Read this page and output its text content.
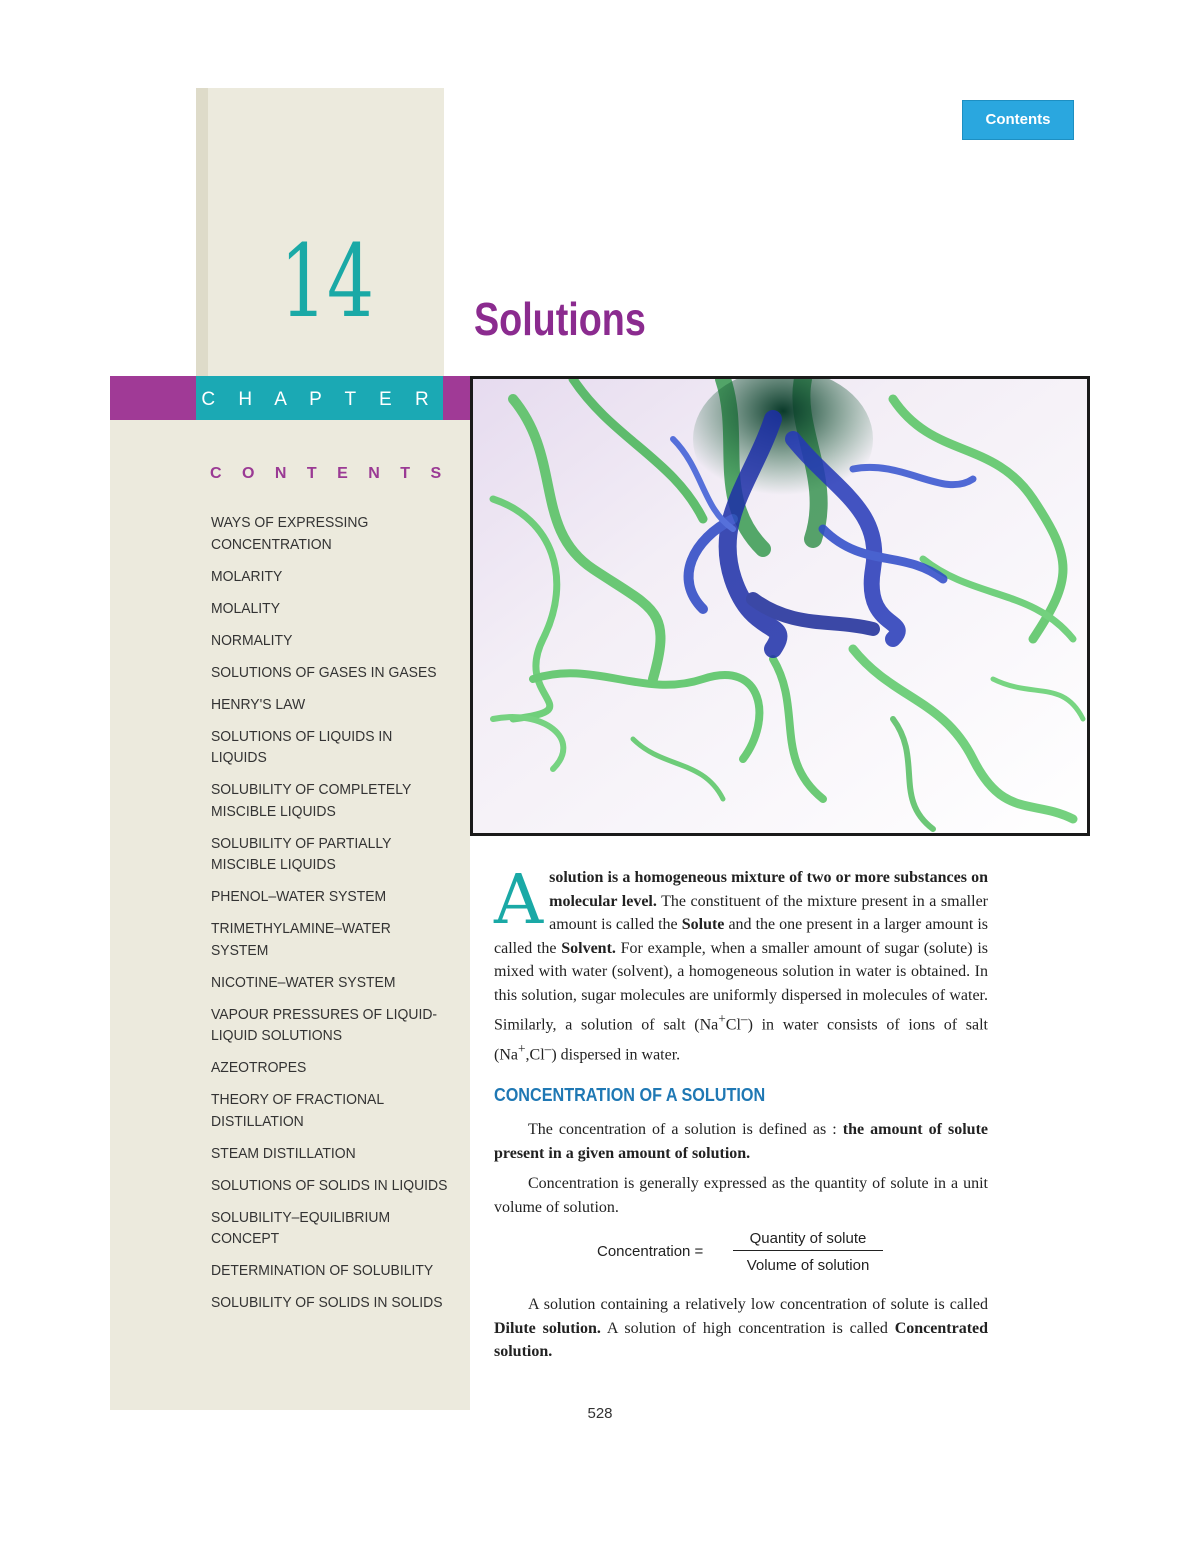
14
C H A P T E R
Solutions
Contents
C O N T E N T S
WAYS OF EXPRESSING CONCENTRATION
MOLARITY
MOLALITY
NORMALITY
SOLUTIONS OF GASES IN GASES
HENRY'S LAW
SOLUTIONS OF LIQUIDS IN LIQUIDS
SOLUBILITY OF COMPLETELY MISCIBLE LIQUIDS
SOLUBILITY OF PARTIALLY MISCIBLE LIQUIDS
PHENOL–WATER SYSTEM
TRIMETHYLAMINE–WATER SYSTEM
NICOTINE–WATER SYSTEM
VAPOUR PRESSURES OF LIQUID-LIQUID SOLUTIONS
AZEOTROPES
THEORY OF FRACTIONAL DISTILLATION
STEAM DISTILLATION
SOLUTIONS OF SOLIDS IN LIQUIDS
SOLUBILITY–EQUILIBRIUM CONCEPT
DETERMINATION OF SOLUBILITY
SOLUBILITY OF SOLIDS IN SOLIDS
Asolution is a homogeneous mixture of two or more substances on molecular level. The constituent of the mixture present in a smaller amount is called the Solute and the one present in a larger amount is called the Solvent. For example, when a smaller amount of sugar (solute) is mixed with water (solvent), a homogeneous solution in water is obtained. In this solution, sugar molecules are uniformly dispersed in molecules of water. Similarly, a solution of salt (Na+Cl–) in water consists of ions of salt (Na+,Cl–) dispersed in water.
CONCENTRATION OF A SOLUTION
The concentration of a solution is defined as : the amount of solute present in a given amount of solution.
Concentration is generally expressed as the quantity of solute in a unit volume of solution.
Concentration =
Quantity of solute
Volume of solution
A solution containing a relatively low concentration of solute is called Dilute solution. A solution of high concentration is called Concentrated solution.
528
